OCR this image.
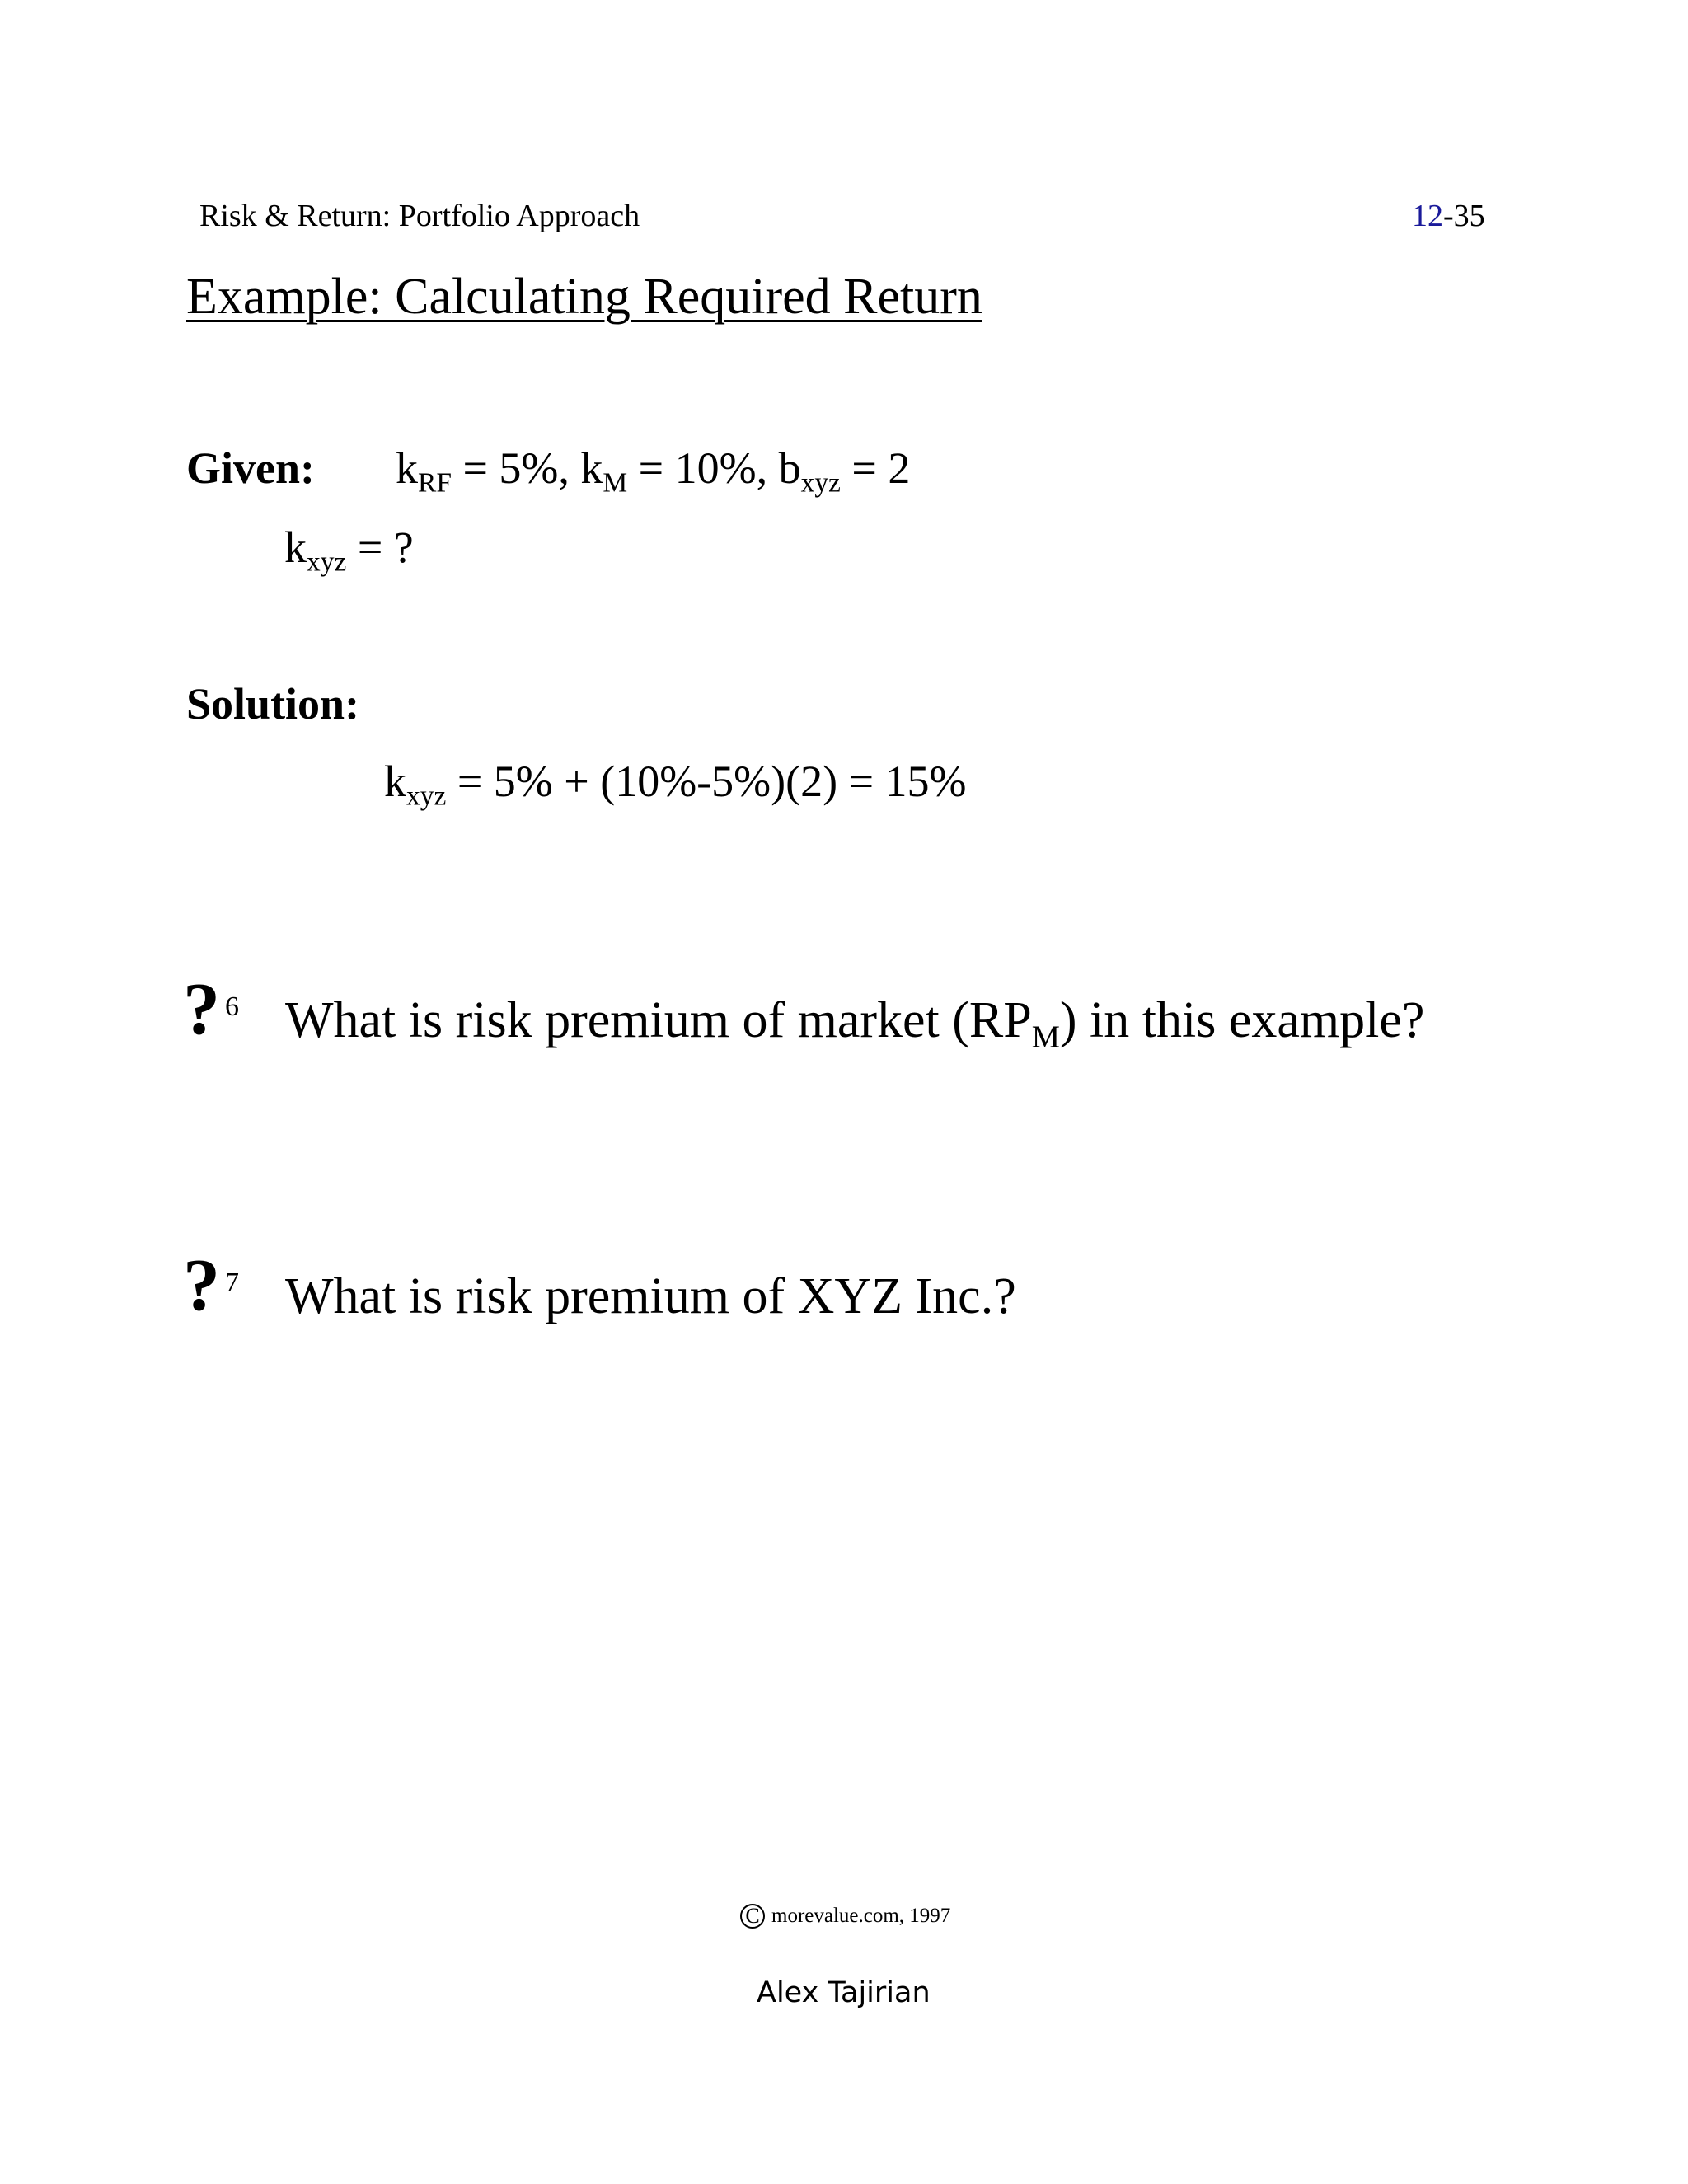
Risk & Return: Portfolio Approach	12-35
Example: Calculating Required Return
Given: $k_{RF} = 5\%$, $k_M = 10\%$, $b_{xyz} = 2$
$k_{xyz}$ = ?
Solution:
$k_{xyz} = 5\% + (10\%-5\%)(2) = 15\%$
? 6 What is risk premium of market $(RP_M)$ in this example?
? 7 What is risk premium of XYZ Inc.?
C morevalue.com, 1997
Alex Tajirian
